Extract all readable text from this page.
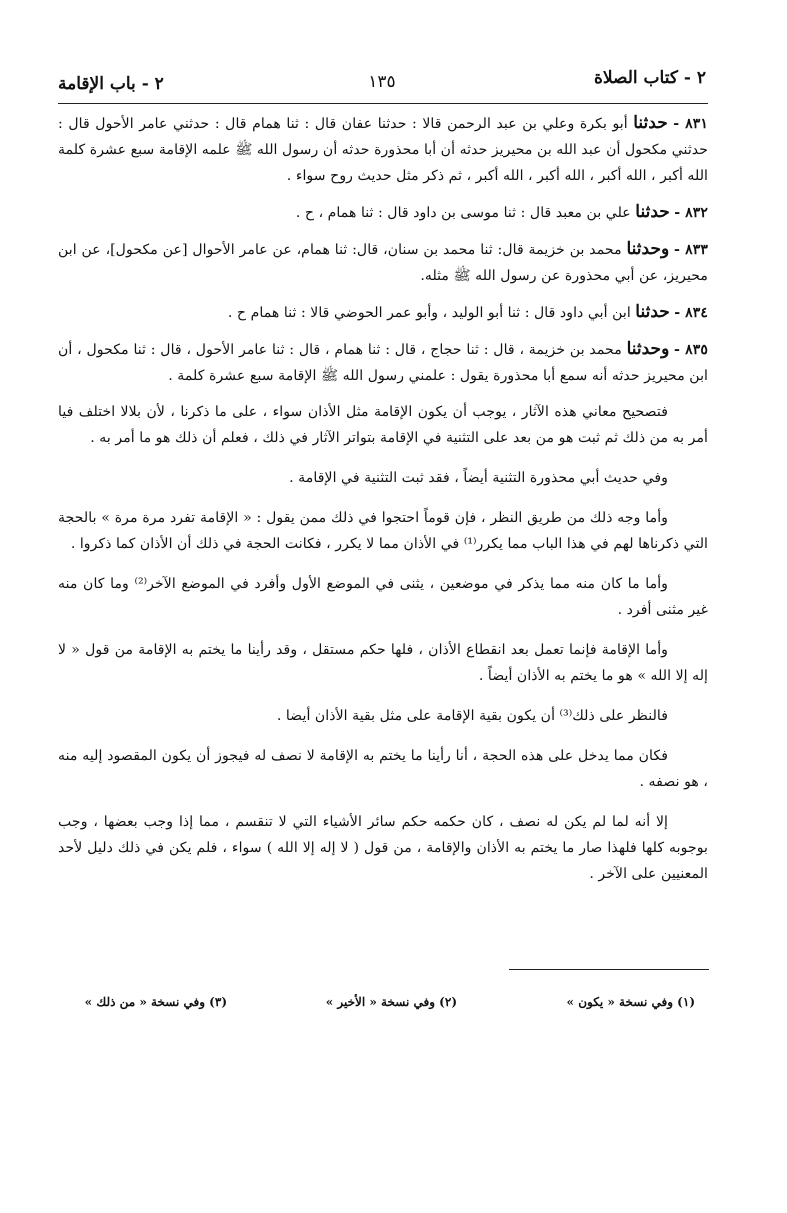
٢ - كتاب الصلاة
١٣٥
٢ - باب الإقامة

٨٣١ - حدثنا أبو بكرة وعلي بن عبد الرحمن قالا : حدثنا عفان قال : ثنا همام قال : حدثني عامر الأحول قال : حدثني مكحول أن عبد الله بن محيريز حدثه أن أبا محذورة حدثه أن رسول الله ﷺ علمه الإقامة سبع عشرة كلمة الله أكبر ، الله أكبر ، الله أكبر ، الله أكبر ، ثم ذكر مثل حديث روح سواء .

٨٣٢ - حدثنا علي بن معبد قال : ثنا موسى بن داود قال : ثنا همام ، ح .

٨٣٣ - وحدثنا محمد بن خزيمة قال: ثنا محمد بن سنان، قال: ثنا همام، عن عامر الأحوال [عن مكحول]، عن ابن محيريز، عن أبي محذورة عن رسول الله ﷺ مثله.

٨٣٤ - حدثنا ابن أبي داود قال : ثنا أبو الوليد ، وأبو عمر الحوضي قالا : ثنا همام ح .

٨٣٥ - وحدثنا محمد بن خزيمة ، قال : ثنا حجاج ، قال : ثنا همام ، قال : ثنا عامر الأحول ، قال : ثنا مكحول ، أن ابن محيريز حدثه أنه سمع أبا محذورة يقول : علمني رسول الله ﷺ الإقامة سبع عشرة كلمة .

فتصحيح معاني هذه الآثار ، يوجب أن يكون الإقامة مثل الأذان سواء ، على ما ذكرنا ، لأن بلالا اختلف فيا أمر به من ذلك ثم ثبت هو من بعد على التثنية في الإقامة بتواتر الآثار في ذلك ، فعلم أن ذلك هو ما أمر به .

وفي حديث أبي محذورة التثنية أيضاً ، فقد ثبت التثنية في الإقامة .

وأما وجه ذلك من طريق النظر ، فإن قوماً احتجوا في ذلك ممن يقول : « الإقامة تفرد مرة مرة » بالحجة التي ذكرناها لهم في هذا الباب مما يكرر⁽¹⁾ في الأذان مما لا يكرر ، فكانت الحجة في ذلك أن الأذان كما ذكروا .

وأما ما كان منه مما يذكر في موضعين ، يثنى في الموضع الأول وأفرد في الموضع الآخر⁽²⁾ وما كان منه غير مثنى أفرد .

وأما الإقامة فإنما تعمل بعد انقطاع الأذان ، فلها حكم مستقل ، وقد رأينا ما يختم به الإقامة من قول « لا إله إلا الله » هو ما يختم به الأذان أيضاً .

فالنظر على ذلك⁽³⁾ أن يكون بقية الإقامة على مثل بقية الأذان أيضا .

فكان مما يدخل على هذه الحجة ، أنا رأينا ما يختم به الإقامة لا نصف له فيجوز أن يكون المقصود إليه منه ، هو نصفه .

إلا أنه لما لم يكن له نصف ، كان حكمه حكم سائر الأشياء التي لا تنقسم ، مما إذا وجب بعضها ، وجب بوجوبه كلها فلهذا صار ما يختم به الأذان والإقامة ، من قول ( لا إله إلا الله ) سواء ، فلم يكن في ذلك دليل لأحد المعنيين على الآخر .

(١) وفي نسخة « يكون »
(٢) وفي نسخة « الأخير »
(٣) وفي نسخة « من ذلك »
